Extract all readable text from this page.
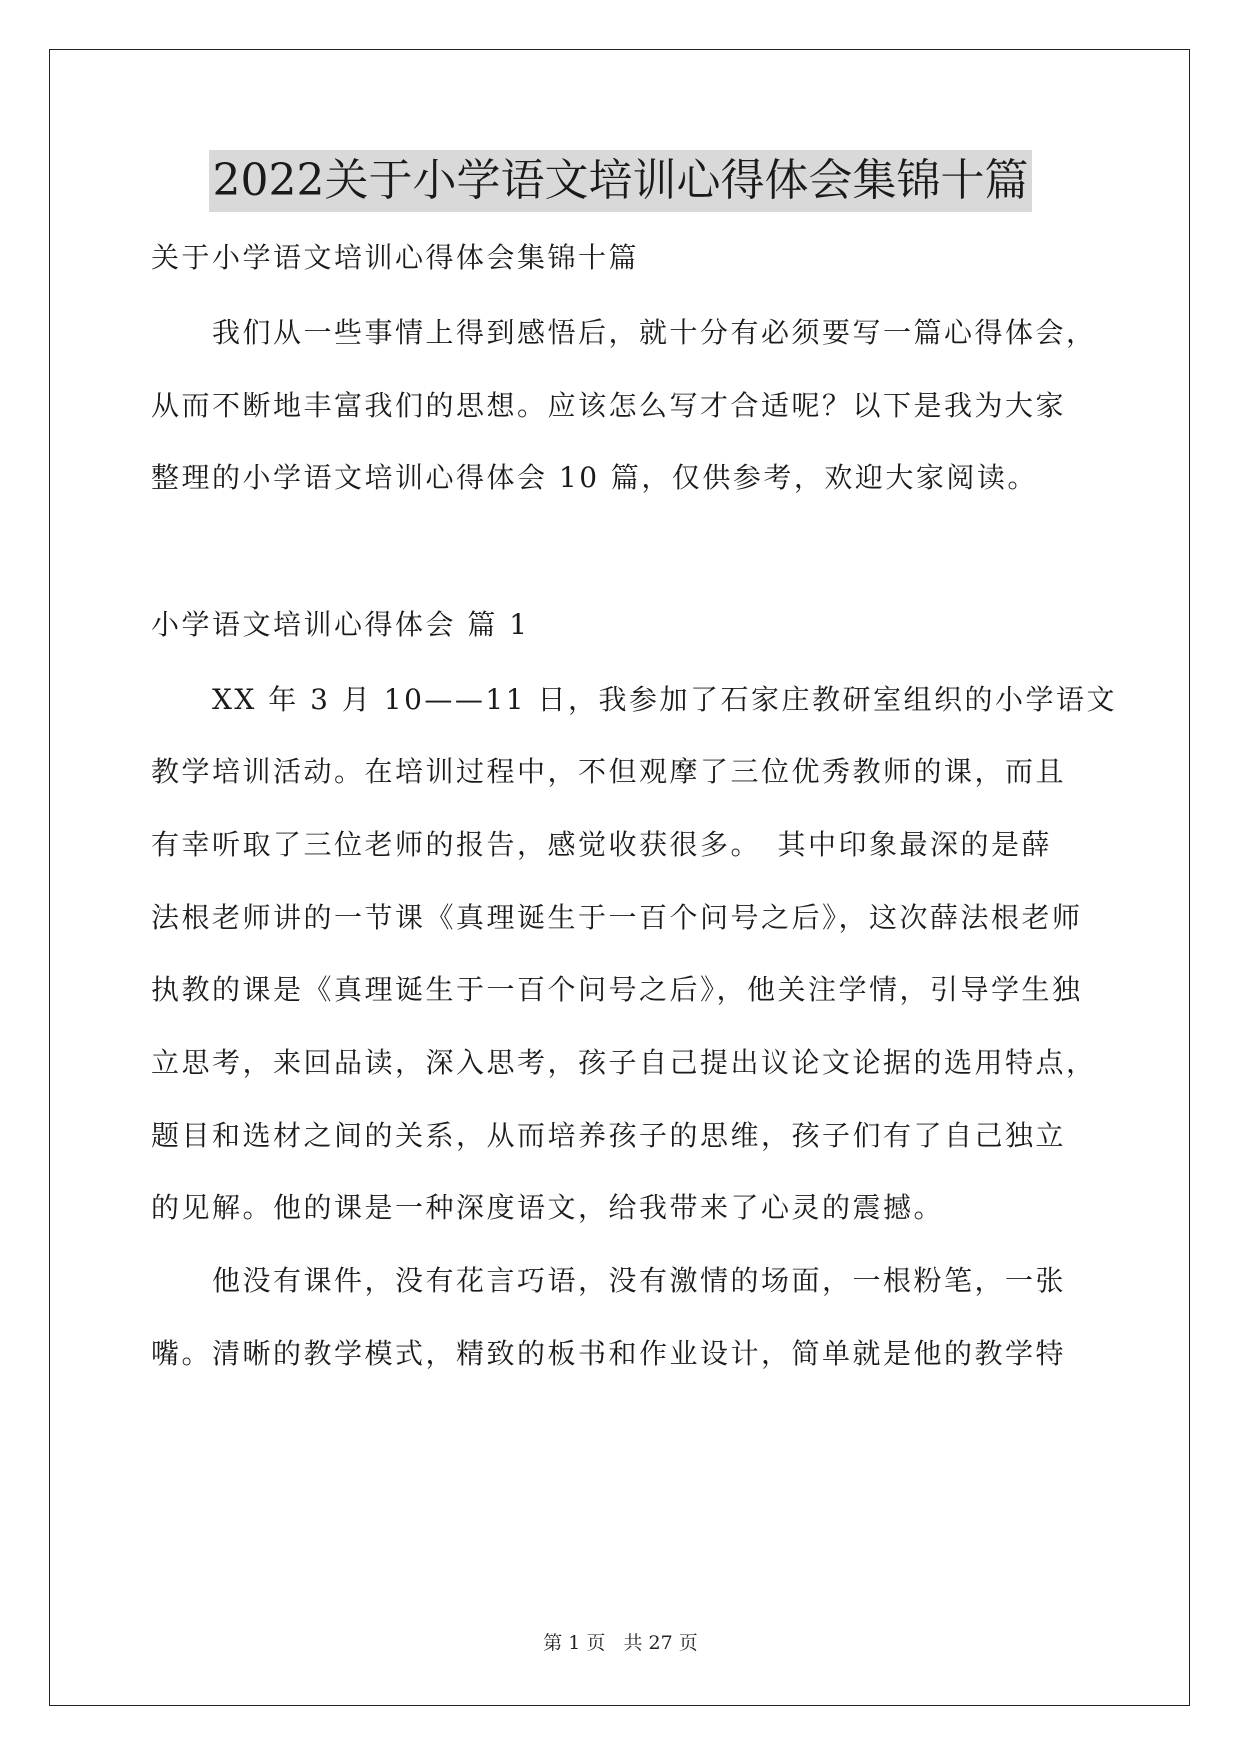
2022关于小学语文培训心得体会集锦十篇
关于小学语文培训心得体会集锦十篇
　　我们从一些事情上得到感悟后，就十分有必须要写一篇心得体会，
从而不断地丰富我们的思想。应该怎么写才合适呢？以下是我为大家
整理的小学语文培训心得体会 10 篇，仅供参考，欢迎大家阅读。
小学语文培训心得体会 篇 1
　　XX 年 3 月 10——11 日，我参加了石家庄教研室组织的小学语文
教学培训活动。在培训过程中，不但观摩了三位优秀教师的课，而且
有幸听取了三位老师的报告，感觉收获很多。　其中印象最深的是薛
法根老师讲的一节课《真理诞生于一百个问号之后》，这次薛法根老师
执教的课是《真理诞生于一百个问号之后》，他关注学情，引导学生独
立思考，来回品读，深入思考，孩子自己提出议论文论据的选用特点，
题目和选材之间的关系，从而培养孩子的思维，孩子们有了自己独立
的见解。他的课是一种深度语文，给我带来了心灵的震撼。
　　他没有课件，没有花言巧语，没有激情的场面，一根粉笔，一张
嘴。清晰的教学模式，精致的板书和作业设计，简单就是他的教学特
第 1 页 共 27 页
